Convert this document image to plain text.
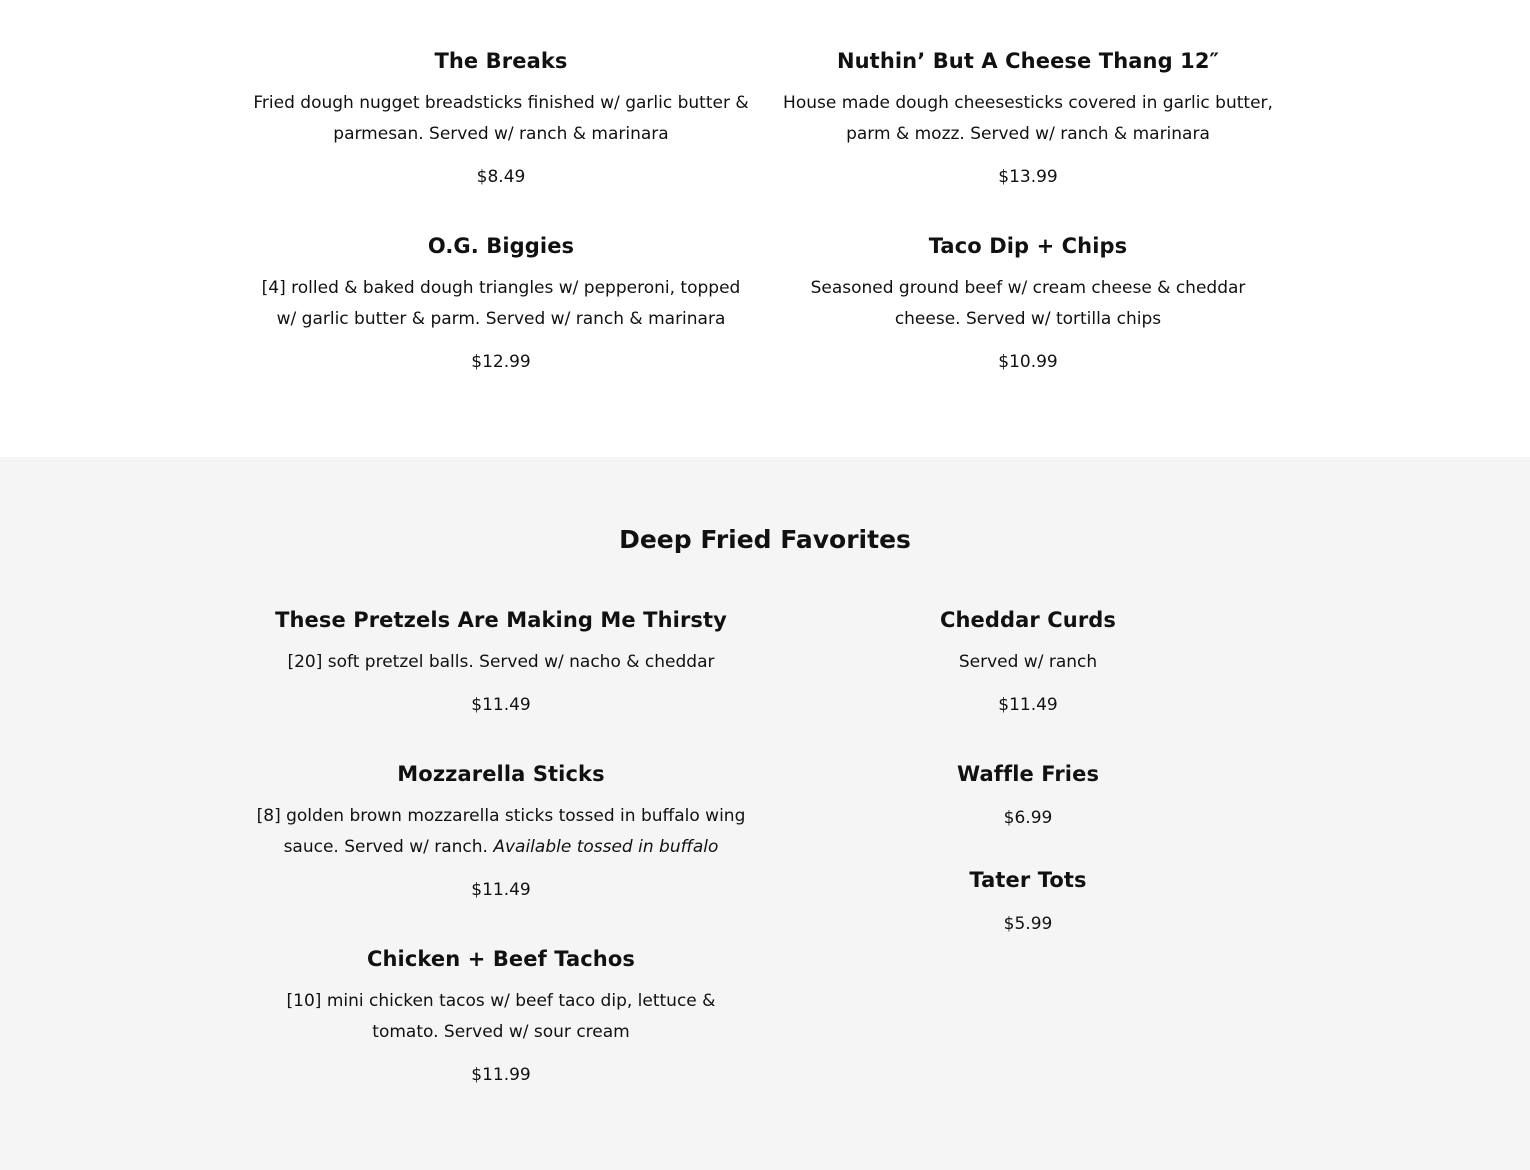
The Breaks

Fried dough nugget breadsticks finished w/ garlic butter & parmesan. Served w/ ranch & marinara

$8.49

O.G. Biggies

[4] rolled & baked dough triangles w/ pepperoni, topped w/ garlic butter & parm. Served w/ ranch & marinara

$12.99

Nuthin’ But A Cheese Thang 12″

House made dough cheesesticks covered in garlic butter, parm & mozz. Served w/ ranch & marinara

$13.99

Taco Dip + Chips

Seasoned ground beef w/ cream cheese & cheddar cheese. Served w/ tortilla chips

$10.99

Deep Fried Favorites
These Pretzels Are Making Me Thirsty

[20] soft pretzel balls. Served w/ nacho & cheddar

$11.49

Mozzarella Sticks

[8] golden brown mozzarella sticks tossed in buffalo wing sauce. Served w/ ranch. Available tossed in buffalo

$11.49

Chicken + Beef Tachos

[10] mini chicken tacos w/ beef taco dip, lettuce & tomato. Served w/ sour cream

$11.99

Cheddar Curds

Served w/ ranch

$11.49

Waffle Fries

$6.99

Tater Tots

$5.99
